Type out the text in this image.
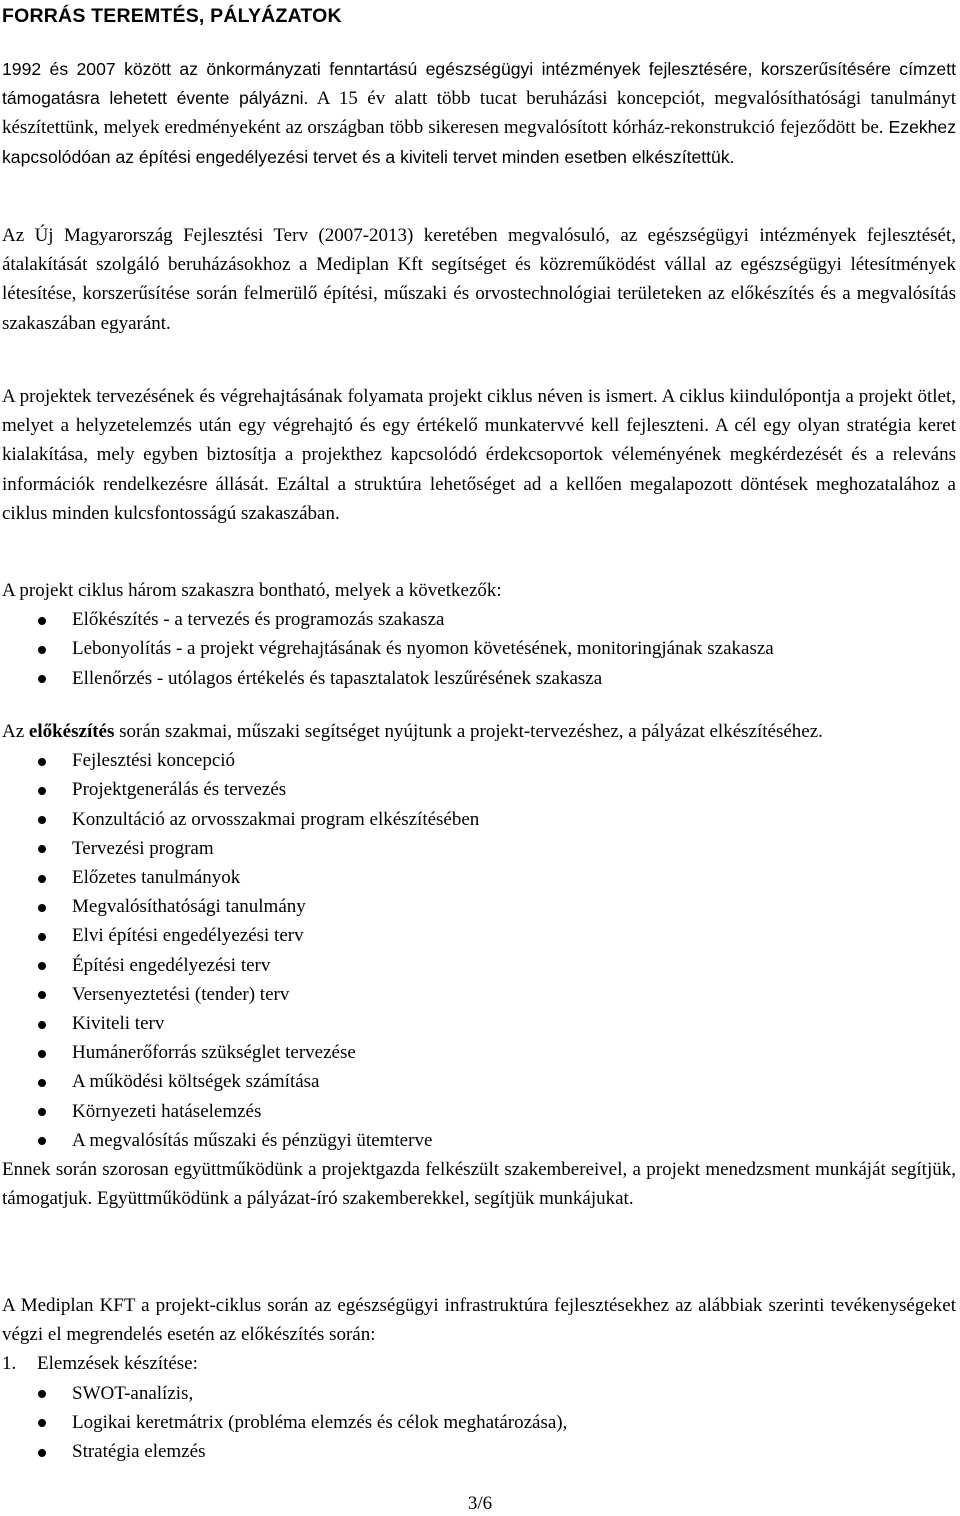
FORRÁS TEREMTÉS, PÁLYÁZATOK

1992 és 2007 között az önkormányzati fenntartású egészségügyi intézmények fejlesztésére, korszerűsítésére címzett támogatásra lehetett évente pályázni. A 15 év alatt több tucat beruházási koncepciót, megvalósíthatósági tanulmányt készítettünk, melyek eredményeként az országban több sikeresen megvalósított kórház-rekonstrukció fejeződött be. Ezekhez kapcsolódóan az építési engedélyezési tervet és a kiviteli tervet minden esetben elkészítettük.

Az Új Magyarország Fejlesztési Terv (2007-2013) keretében megvalósuló, az egészségügyi intézmények fejlesztését, átalakítását szolgáló beruházásokhoz a Mediplan Kft segítséget és közreműködést vállal az egészségügyi létesítmények létesítése, korszerűsítése során felmerülő építési, műszaki és orvostechnológiai területeken az előkészítés és a megvalósítás szakaszában egyaránt.

A projektek tervezésének és végrehajtásának folyamata projekt ciklus néven is ismert. A ciklus kiindulópontja a projekt ötlet, melyet a helyzetelemzés után egy végrehajtó és egy értékelő munkatervvé kell fejleszteni. A cél egy olyan stratégia keret kialakítása, mely egyben biztosítja a projekthez kapcsolódó érdekcsoportok véleményének megkérdezését és a releváns információk rendelkezésre állását. Ezáltal a struktúra lehetőséget ad a kellően megalapozott döntések meghozatalához a ciklus minden kulcsfontosságú szakaszában.

A projekt ciklus három szakaszra bontható, melyek a következők:

Előkészítés - a tervezés és programozás szakasza
Lebonyolítás - a projekt végrehajtásának és nyomon követésének, monitoringjának szakasza
Ellenőrzés - utólagos értékelés és tapasztalatok leszűrésének szakasza

Az előkészítés során szakmai, műszaki segítséget nyújtunk a projekt-tervezéshez, a pályázat elkészítéséhez.

Fejlesztési koncepció
Projektgenerálás és tervezés
Konzultáció az orvosszakmai program elkészítésében
Tervezési program
Előzetes tanulmányok
Megvalósíthatósági tanulmány
Elvi építési engedélyezési terv
Építési engedélyezési terv
Versenyeztetési (tender) terv
Kiviteli terv
Humánerőforrás szükséglet tervezése
A működési költségek számítása
Környezeti hatáselemzés
A megvalósítás műszaki és pénzügyi ütemterve

Ennek során szorosan együttműködünk a projektgazda felkészült szakembereivel, a projekt menedzsment munkáját segítjük, támogatjuk. Együttműködünk a pályázat-író szakemberekkel, segítjük munkájukat.

A Mediplan KFT a projekt-ciklus során az egészségügyi infrastruktúra fejlesztésekhez az alábbiak szerinti tevékenységeket végzi el megrendelés esetén az előkészítés során:

1. Elemzések készítése:

SWOT-analízis,
Logikai keretmátrix (probléma elemzés és célok meghatározása),
Stratégia elemzés
3/6
